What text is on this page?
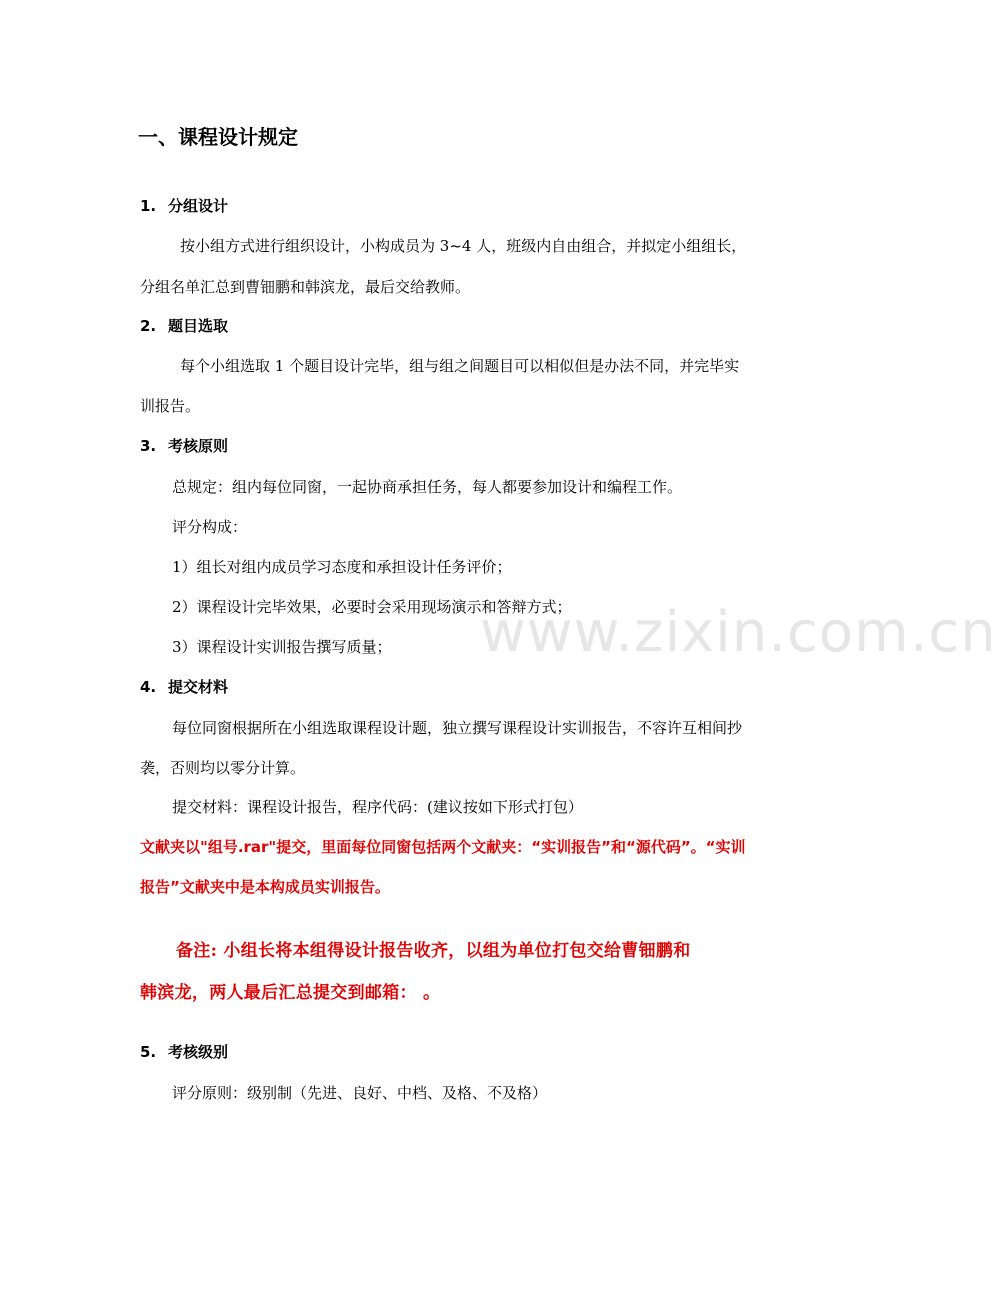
www.zixin.com.cn
一、课程设计规定
1. 分组设计
按小组方式进行组织设计，小构成员为 3~4 人，班级内自由组合，并拟定小组组长，
分组名单汇总到曹钿鹏和韩滨龙，最后交给教师。
2. 题目选取
每个小组选取 1 个题目设计完毕，组与组之间题目可以相似但是办法不同，并完毕实
训报告。
3. 考核原则
总规定：组内每位同窗，一起协商承担任务，每人都要参加设计和编程工作。
评分构成：
1）组长对组内成员学习态度和承担设计任务评价；
2）课程设计完毕效果，必要时会采用现场演示和答辩方式；
3）课程设计实训报告撰写质量；
4. 提交材料
每位同窗根据所在小组选取课程设计题，独立撰写课程设计实训报告，不容许互相间抄
袭，否则均以零分计算。
提交材料：课程设计报告，程序代码：(建议按如下形式打包）
文献夹以"组号.rar"提交，里面每位同窗包括两个文献夹：“实训报告”和“源代码”。“实训
报告”文献夹中是本构成员实训报告。
备注: 小组长将本组得设计报告收齐，以组为单位打包交给曹钿鹏和
韩滨龙，两人最后汇总提交到邮箱： 。
5. 考核级别
评分原则：级别制（先进、良好、中档、及格、不及格）
